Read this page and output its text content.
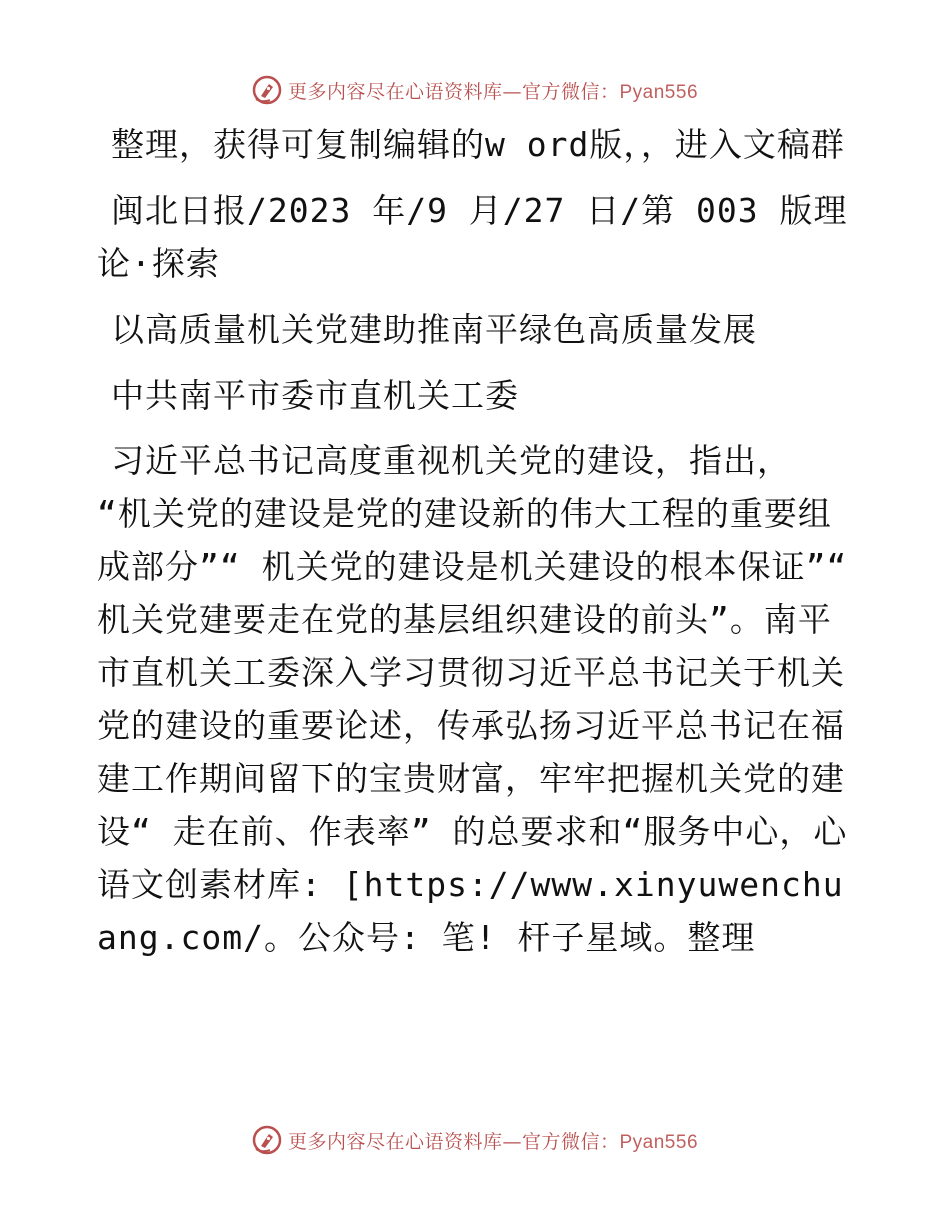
更多内容尽在心语资料库—官方微信：Pyan556

整理，获得可复制编辑的w ord版，，进入文稿群

闽北日报/2023 年/9 月/27 日/第 003 版理论·探索

以高质量机关党建助推南平绿色高质量发展

中共南平市委市直机关工委

习近平总书记高度重视机关党的建设，指出， “机关党的建设是党的建设新的伟大工程的重要组成部分”“ 机关党的建设是机关建设的根本保证”“ 机关党建要走在党的基层组织建设的前头”。南平市直机关工委深入学习贯彻习近平总书记关于机关党的建设的重要论述，传承弘扬习近平总书记在福建工作期间留下的宝贵财富，牢牢把握机关党的建设“ 走在前、作表率” 的总要求和“服务中心，心语文创素材库: [https://www.xinyuwenchuang.com/。公众号: 笔! 杆子星域。整理

更多内容尽在心语资料库—官方微信：Pyan556
